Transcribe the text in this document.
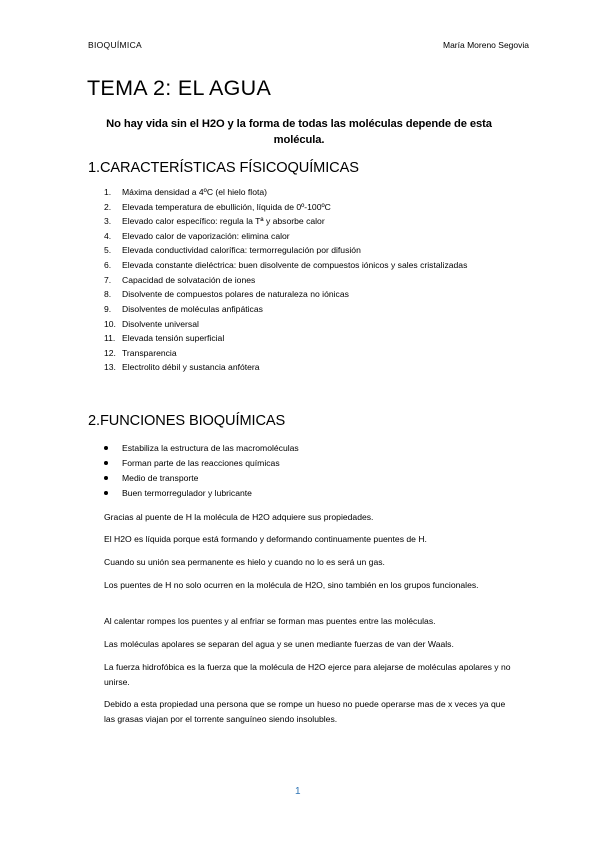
BIOQUÍMICA	María Moreno Segovia
TEMA 2: EL AGUA

No hay vida sin el H2O y la forma de todas las moléculas depende de esta molécula.

1.CARACTERÍSTICAS FÍSICOQUÍMICAS
1. Máxima densidad a 4ºC (el hielo flota)
2. Elevada temperatura de ebullición, líquida de 0º-100ºC
3. Elevado calor específico: regula la Tª y absorbe calor
4. Elevado calor de vaporización: elimina calor
5. Elevada conductividad calorífica: termorregulación por difusión
6. Elevada constante dieléctrica: buen disolvente de compuestos iónicos y sales cristalizadas
7. Capacidad de solvatación de iones
8. Disolvente de compuestos polares de naturaleza no iónicas
9. Disolventes de moléculas anfipáticas
10. Disolvente universal
11. Elevada tensión superficial
12. Transparencia
13. Electrolito débil y sustancia anfótera
2.FUNCIONES BIOQUÍMICAS
Estabiliza la estructura de las macromoléculas
Forman parte de las reacciones químicas
Medio de transporte
Buen termorregulador y lubricante

Gracias al puente de H la molécula de H2O adquiere sus propiedades.

El H2O es líquida porque está formando y deformando continuamente puentes de H.

Cuando su unión sea permanente es hielo y cuando no lo es será un gas.

Los puentes de H no solo ocurren en la molécula de H2O, sino también en los grupos funcionales.

Al calentar rompes los puentes y al enfriar se forman mas puentes entre las moléculas.

Las moléculas apolares se separan del agua y se unen mediante fuerzas de van der Waals.

La fuerza hidrofóbica es la fuerza que la molécula de H2O ejerce para alejarse de moléculas apolares y no unirse.

Debido a esta propiedad una persona que se rompe un hueso no puede operarse mas de x veces ya que las grasas viajan por el torrente sanguíneo siendo insolubles.

1
